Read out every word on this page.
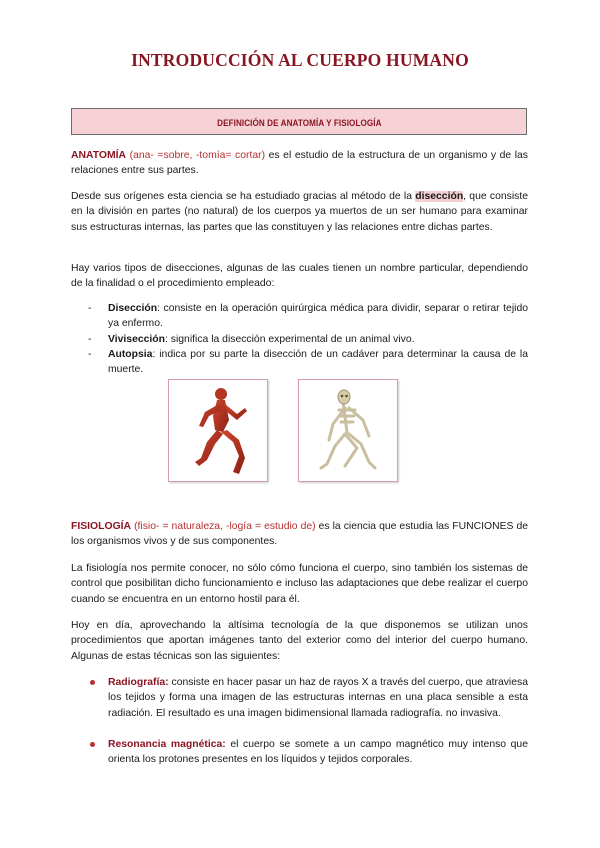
INTRODUCCIÓN AL CUERPO HUMANO
DEFINICIÓN DE ANATOMÍA Y FISIOLOGÍA

ANATOMÍA (ana- =sobre, -tomía= cortar) es el estudio de la estructura de un organismo y de las relaciones entre sus partes.

Desde sus orígenes esta ciencia se ha estudiado gracias al método de la disección, que consiste en la división en partes (no natural) de los cuerpos ya muertos de un ser humano para examinar sus estructuras internas, las partes que las constituyen y las relaciones entre dichas partes.

Hay varios tipos de disecciones, algunas de las cuales tienen un nombre particular, dependiendo de la finalidad o el procedimiento empleado:

- Disección: consiste en la operación quirúrgica médica para dividir, separar o retirar tejido ya enfermo.
- Vivisección: significa la disección experimental de un animal vivo.
- Autopsia: indica por su parte la disección de un cadáver para determinar la causa de la muerte.

FISIOLOGÍA (fisio- = naturaleza, -logía = estudio de) es la ciencia que estudia las FUNCIONES de los organismos vivos y de sus componentes.

La fisiología nos permite conocer, no sólo cómo funciona el cuerpo, sino también los sistemas de control que posibilitan dicho funcionamiento e incluso las adaptaciones que debe realizar el cuerpo cuando se encuentra en un entorno hostil para él.

Hoy en día, aprovechando la altísima tecnología de la que disponemos se utilizan unos procedimientos que aportan imágenes tanto del exterior como del interior del cuerpo humano. Algunas de estas técnicas son las siguientes:

Radiografía: consiste en hacer pasar un haz de rayos X a través del cuerpo, que atraviesa los tejidos y forma una imagen de las estructuras internas en una placa sensible a esta radiación. El resultado es una imagen bidimensional llamada radiografía. no invasiva.
Resonancia magnética: el cuerpo se somete a un campo magnético muy intenso que orienta los protones presentes en los líquidos y tejidos corporales.
